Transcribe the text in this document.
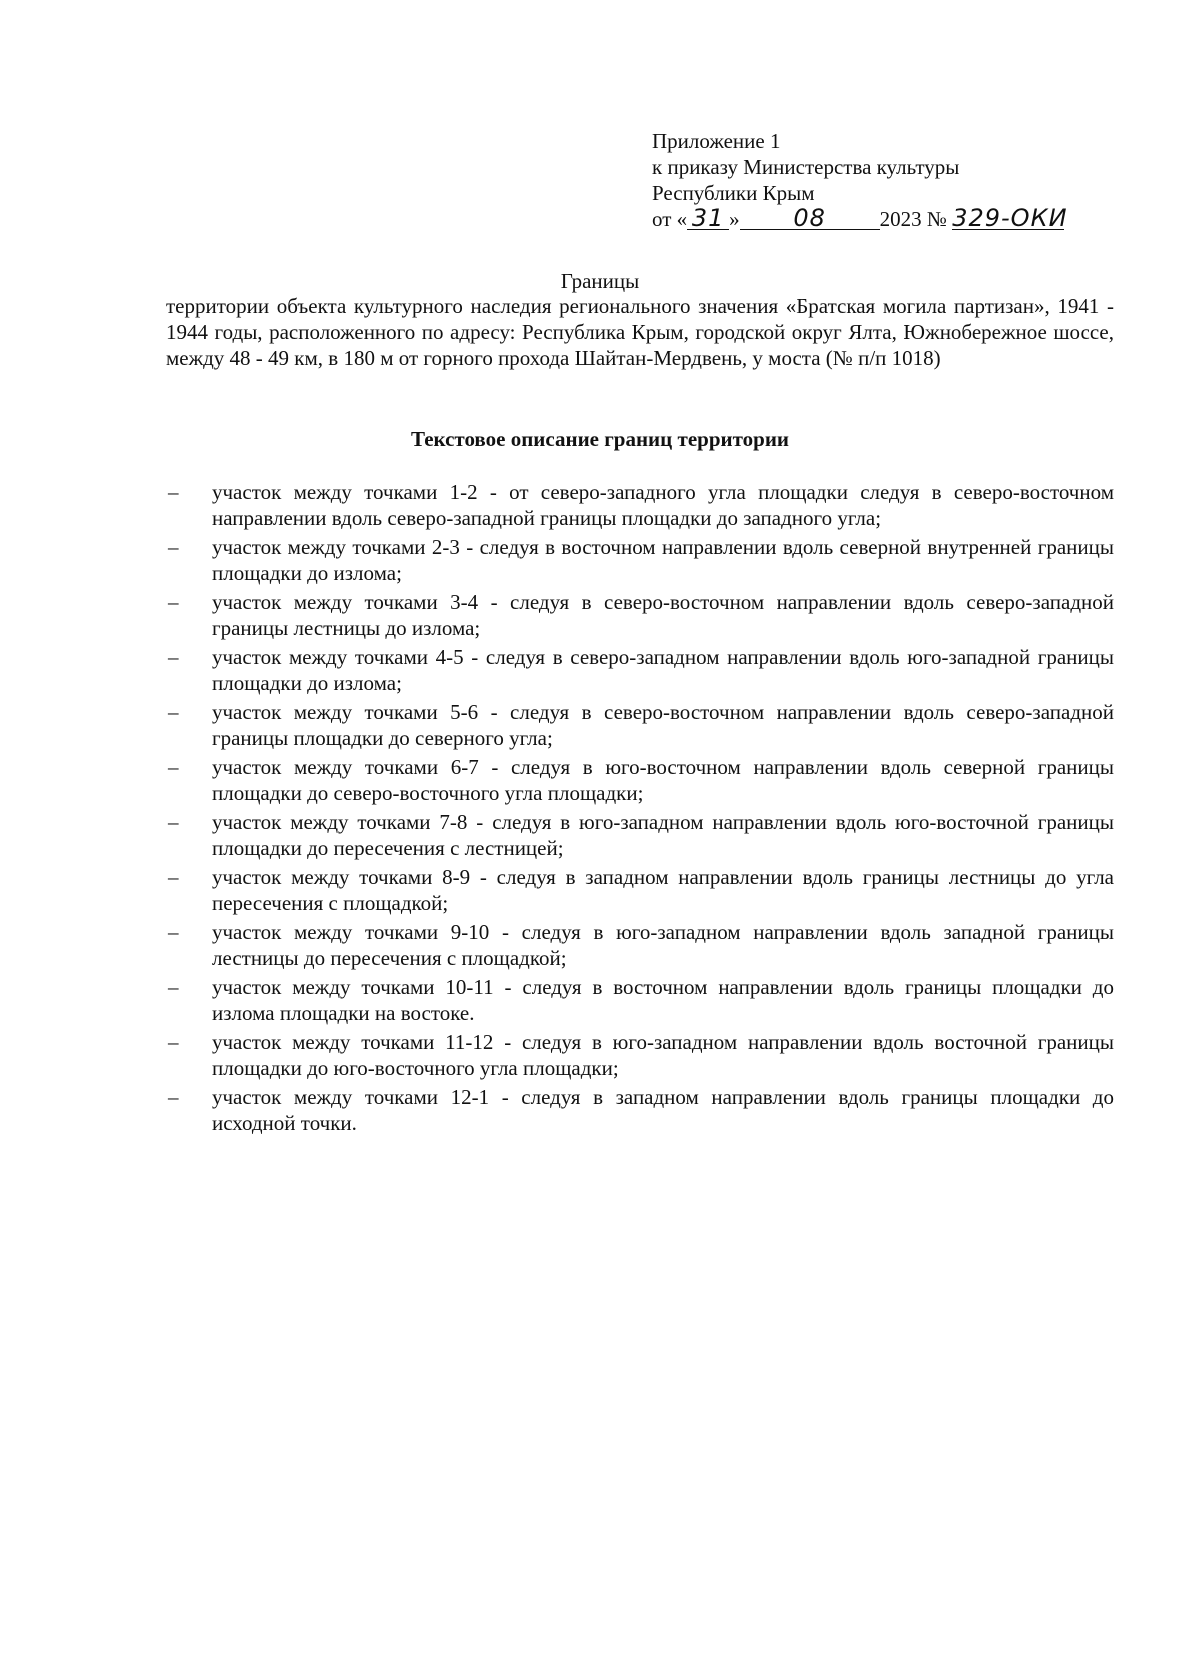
Приложение 1
к приказу Министерства культуры
Республики Крым
от « 31 » 08	2023 № 329-ОКИ
Границы
территории объекта культурного наследия регионального значения «Братская могила партизан», 1941 - 1944 годы, расположенного по адресу: Республика Крым, городской округ Ялта, Южнобережное шоссе, между 48 - 49 км, в 180 м от горного прохода Шайтан-Мердвень, у моста (№ п/п 1018)
Текстовое описание границ территории
– участок между точками 1-2 - от северо-западного угла площадки следуя в северо-восточном направлении вдоль северо-западной границы площадки до западного угла;
– участок между точками 2-3 - следуя в восточном направлении вдоль северной внутренней границы площадки до излома;
– участок между точками 3-4 - следуя в северо-восточном направлении вдоль северо-западной границы лестницы до излома;
– участок между точками 4-5 - следуя в северо-западном направлении вдоль юго-западной границы площадки до излома;
– участок между точками 5-6 - следуя в северо-восточном направлении вдоль северо-западной границы площадки до северного угла;
– участок между точками 6-7 - следуя в юго-восточном направлении вдоль северной границы площадки до северо-восточного угла площадки;
– участок между точками 7-8 - следуя в юго-западном направлении вдоль юго-восточной границы площадки до пересечения с лестницей;
– участок между точками 8-9 - следуя в западном направлении вдоль границы лестницы до угла пересечения с площадкой;
– участок между точками 9-10 - следуя в юго-западном направлении вдоль западной границы лестницы до пересечения с площадкой;
– участок между точками 10-11 - следуя в восточном направлении вдоль границы площадки до излома площадки на востоке.
– участок между точками 11-12 - следуя в юго-западном направлении вдоль восточной границы площадки до юго-восточного угла площадки;
– участок между точками 12-1 - следуя в западном направлении вдоль границы площадки до исходной точки.
